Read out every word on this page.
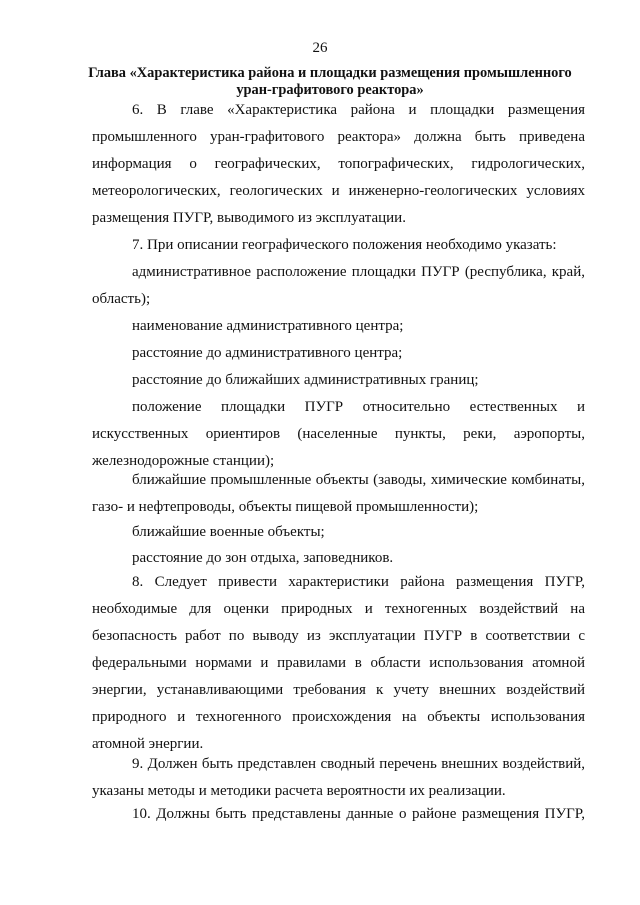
26
Глава «Характеристика района и площадки размещения промышленного уран-графитового реактора»
6. В главе «Характеристика района и площадки размещения промышленного уран-графитового реактора» должна быть приведена информация о географических, топографических, гидрологических, метеорологических, геологических и инженерно-геологических условиях размещения ПУГР, выводимого из эксплуатации.
7. При описании географического положения необходимо указать:
административное расположение площадки ПУГР (республика, край, область);
наименование административного центра;
расстояние до административного центра;
расстояние до ближайших административных границ;
положение площадки ПУГР относительно естественных и искусственных ориентиров (населенные пункты, реки, аэропорты, железнодорожные станции);
ближайшие промышленные объекты (заводы, химические комбинаты, газо- и нефтепроводы, объекты пищевой промышленности);
ближайшие военные объекты;
расстояние до зон отдыха, заповедников.
8. Следует привести характеристики района размещения ПУГР, необходимые для оценки природных и техногенных воздействий на безопасность работ по выводу из эксплуатации ПУГР в соответствии с федеральными нормами и правилами в области использования атомной энергии, устанавливающими требования к учету внешних воздействий природного и техногенного происхождения на объекты использования атомной энергии.
9. Должен быть представлен сводный перечень внешних воздействий, указаны методы и методики расчета вероятности их реализации.
10. Должны быть представлены данные о районе размещения ПУГР,
